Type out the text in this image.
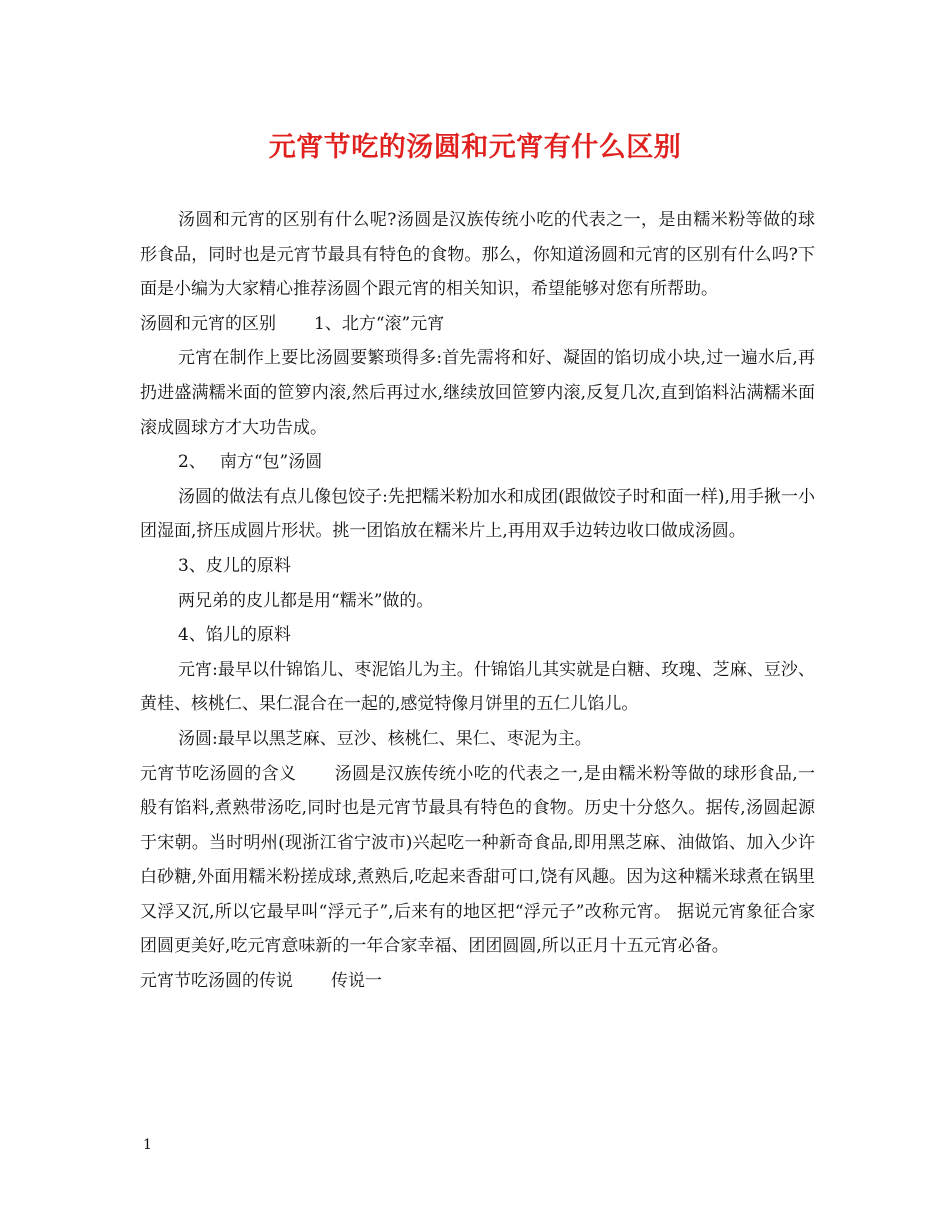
元宵节吃的汤圆和元宵有什么区别

汤圆和元宵的区别有什么呢?汤圆是汉族传统小吃的代表之一，是由糯米粉等做的球形食品，同时也是元宵节最具有特色的食物。那么，你知道汤圆和元宵的区别有什么吗?下面是小编为大家精心推荐汤圆个跟元宵的相关知识，希望能够对您有所帮助。

汤圆和元宵的区别 1、北方“滚”元宵

元宵在制作上要比汤圆要繁琐得多:首先需将和好、凝固的馅切成小块,过一遍水后,再扔进盛满糯米面的笸箩内滚,然后再过水,继续放回笸箩内滚,反复几次,直到馅料沾满糯米面滚成圆球方才大功告成。

2、 南方“包”汤圆

汤圆的做法有点儿像包饺子:先把糯米粉加水和成团(跟做饺子时和面一样),用手揪一小团湿面,挤压成圆片形状。挑一团馅放在糯米片上,再用双手边转边收口做成汤圆。

3、皮儿的原料

两兄弟的皮儿都是用“糯米”做的。

4、馅儿的原料

元宵:最早以什锦馅儿、枣泥馅儿为主。什锦馅儿其实就是白糖、玫瑰、芝麻、豆沙、黄桂、核桃仁、果仁混合在一起的,感觉特像月饼里的五仁儿馅儿。

汤圆:最早以黑芝麻、豆沙、核桃仁、果仁、枣泥为主。

元宵节吃汤圆的含义 汤圆是汉族传统小吃的代表之一,是由糯米粉等做的球形食品,一般有馅料,煮熟带汤吃,同时也是元宵节最具有特色的食物。历史十分悠久。据传,汤圆起源于宋朝。当时明州(现浙江省宁波市)兴起吃一种新奇食品,即用黑芝麻、油做馅、加入少许白砂糖,外面用糯米粉搓成球,煮熟后,吃起来香甜可口,饶有风趣。因为这种糯米球煮在锅里又浮又沉,所以它最早叫“浮元子”,后来有的地区把“浮元子”改称元宵。 据说元宵象征合家团圆更美好,吃元宵意味新的一年合家幸福、团团圆圆,所以正月十五元宵必备。

元宵节吃汤圆的传说 传说一

1
